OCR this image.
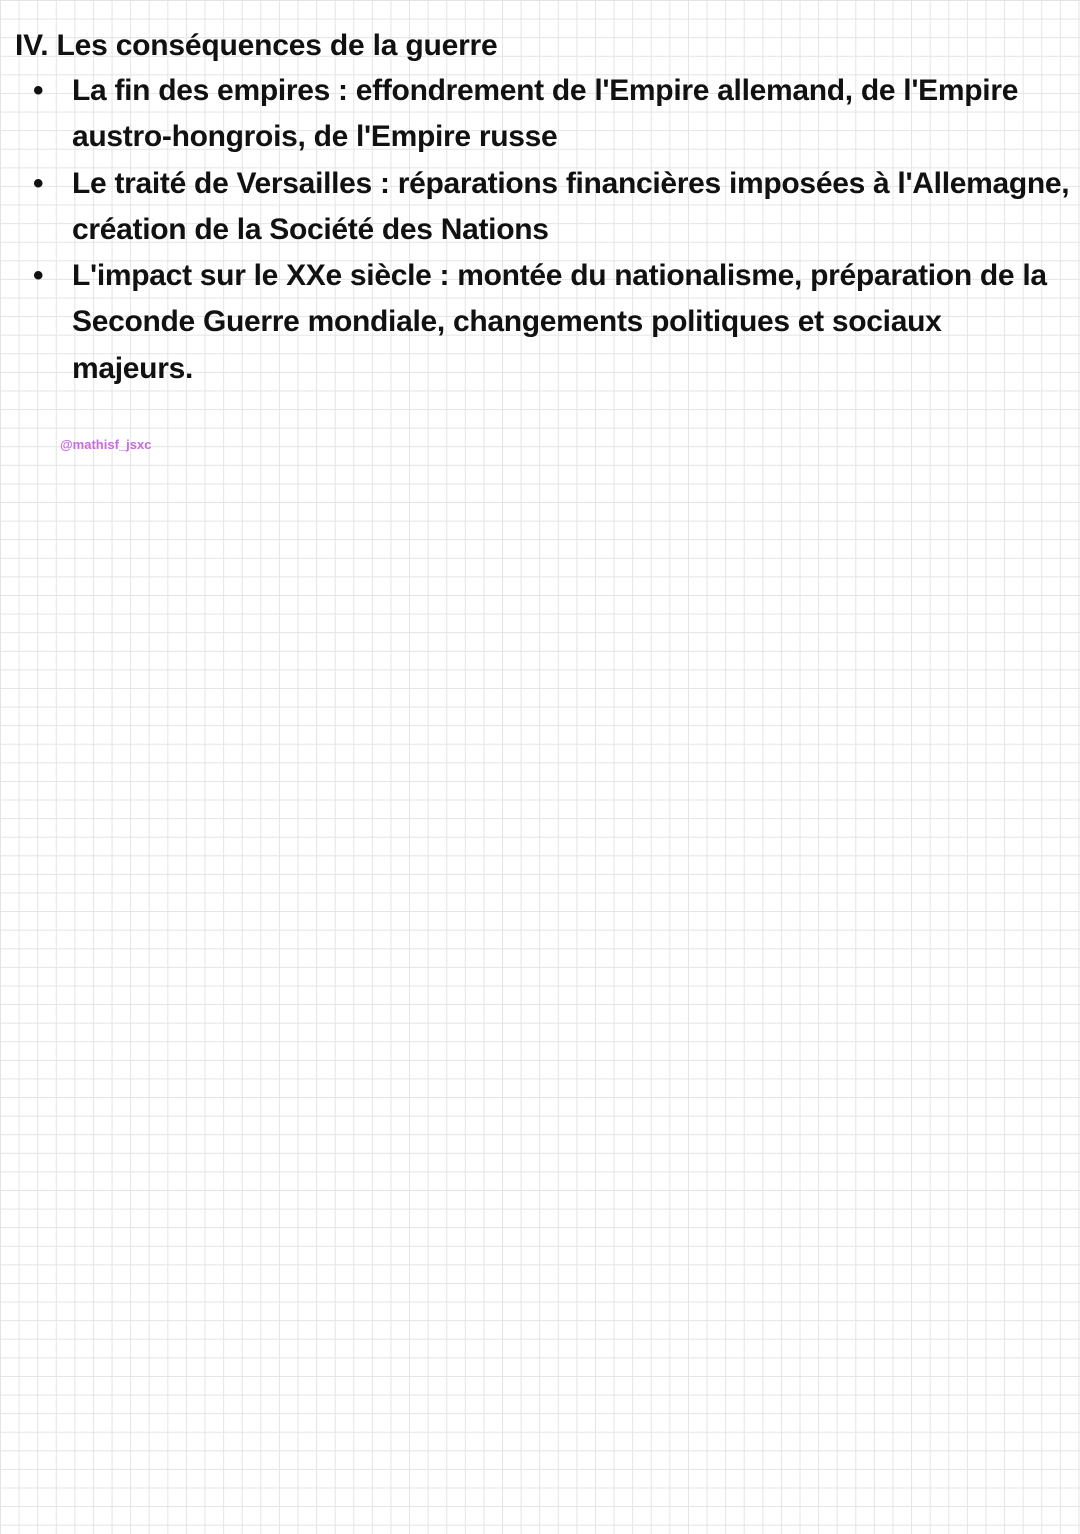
IV. Les conséquences de la guerre
• La fin des empires : effondrement de l'Empire allemand, de l'Empire austro-hongrois, de l'Empire russe
• Le traité de Versailles : réparations financières imposées à l'Allemagne, création de la Société des Nations
• L'impact sur le XXe siècle : montée du nationalisme, préparation de la Seconde Guerre mondiale, changements politiques et sociaux majeurs.
@mathisf_jsxc
